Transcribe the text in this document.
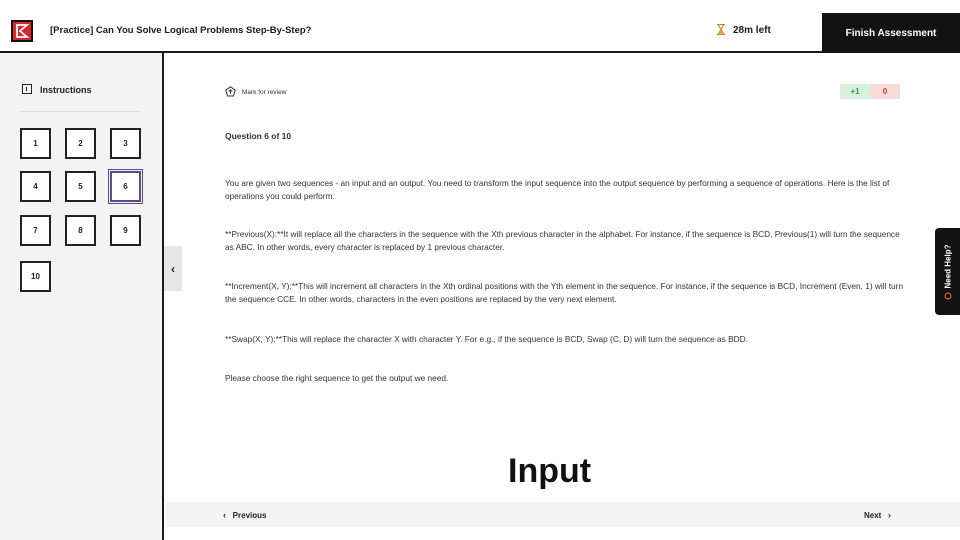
[Practice] Can You Solve Logical Problems Step-By-Step?	28m left	Finish Assessment
Instructions
1	2	3
4	5	6
7	8	9
10
‹
Mark for review	+1	0
Question 6 of 10
You are given two sequences - an input and an output. You need to transform the input sequence into the output sequence by performing a sequence of operations. Here is the list of operations you could perform.
**Previous(X):**It will replace all the characters in the sequence with the Xth previous character in the alphabet. For instance, if the sequence is BCD, Previous(1) will turn the sequence as ABC. In other words, every character is replaced by 1 previous character.
**Increment(X, Y):**This will increment all characters in the Xth ordinal positions with the Yth element in the sequence. For instance, if the sequence is BCD, Increment (Even, 1) will turn the sequence CCE. In other words, characters in the even positions are replaced by the very next element.
**Swap(X, Y):**This will replace the character X with character Y. For e.g., if the sequence is BCD, Swap (C, D) will turn the sequence as BDD.
Please choose the right sequence to get the output we need.
Input
Need Help?
‹ Previous	Next ›
